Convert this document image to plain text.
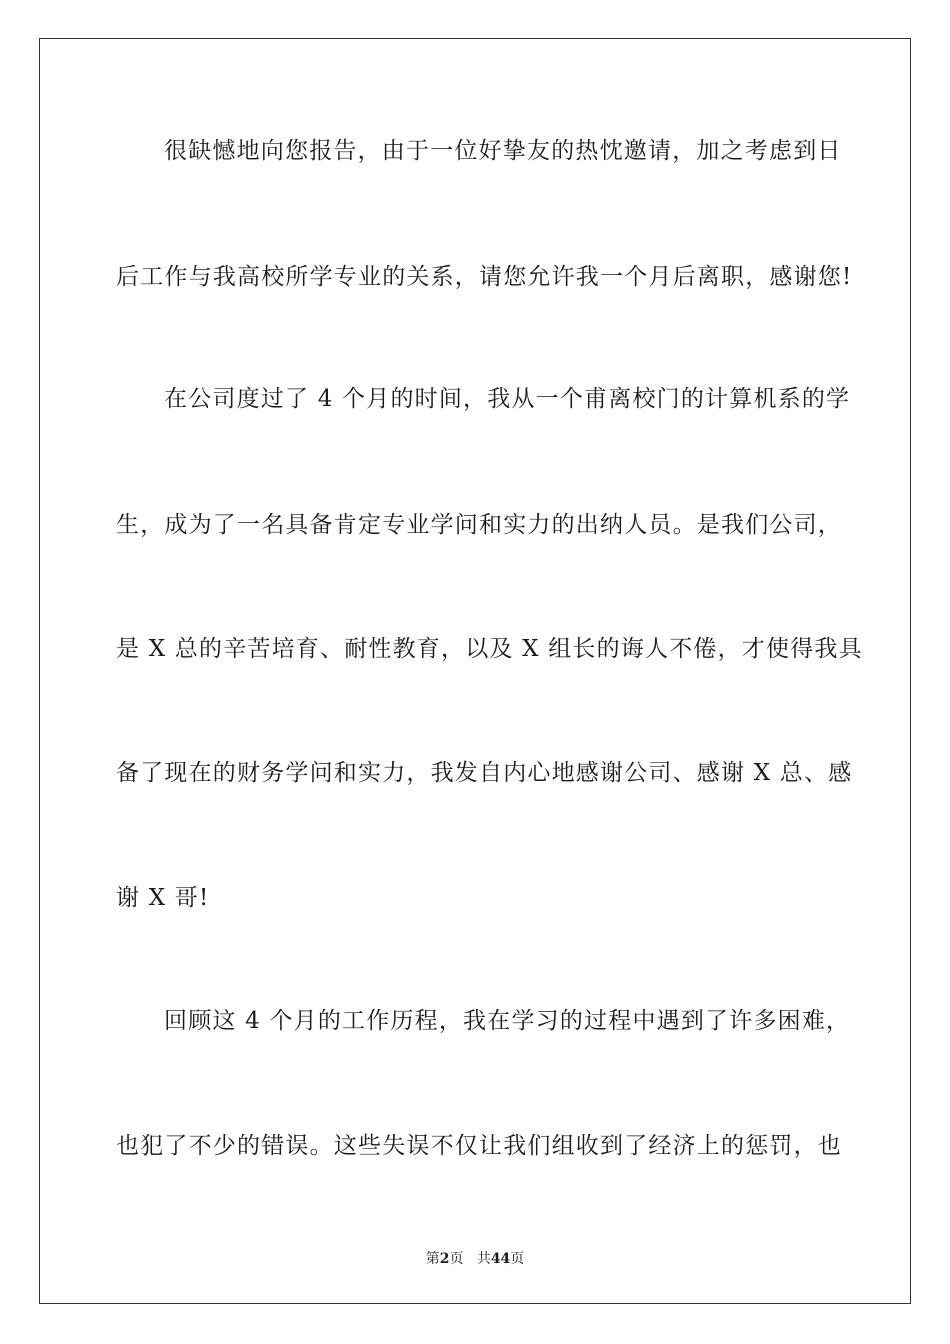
很缺憾地向您报告，由于一位好挚友的热忱邀请，加之考虑到日
后工作与我高校所学专业的关系，请您允许我一个月后离职，感谢您!
在公司度过了 4 个月的时间，我从一个甫离校门的计算机系的学
生，成为了一名具备肯定专业学问和实力的出纳人员。是我们公司，
是 X 总的辛苦培育、耐性教育，以及 X 组长的诲人不倦，才使得我具
备了现在的财务学问和实力，我发自内心地感谢公司、感谢 X 总、感
谢 X 哥!
回顾这 4 个月的工作历程，我在学习的过程中遇到了许多困难，
也犯了不少的错误。这些失误不仅让我们组收到了经济上的惩罚，也
第2页 共44页
